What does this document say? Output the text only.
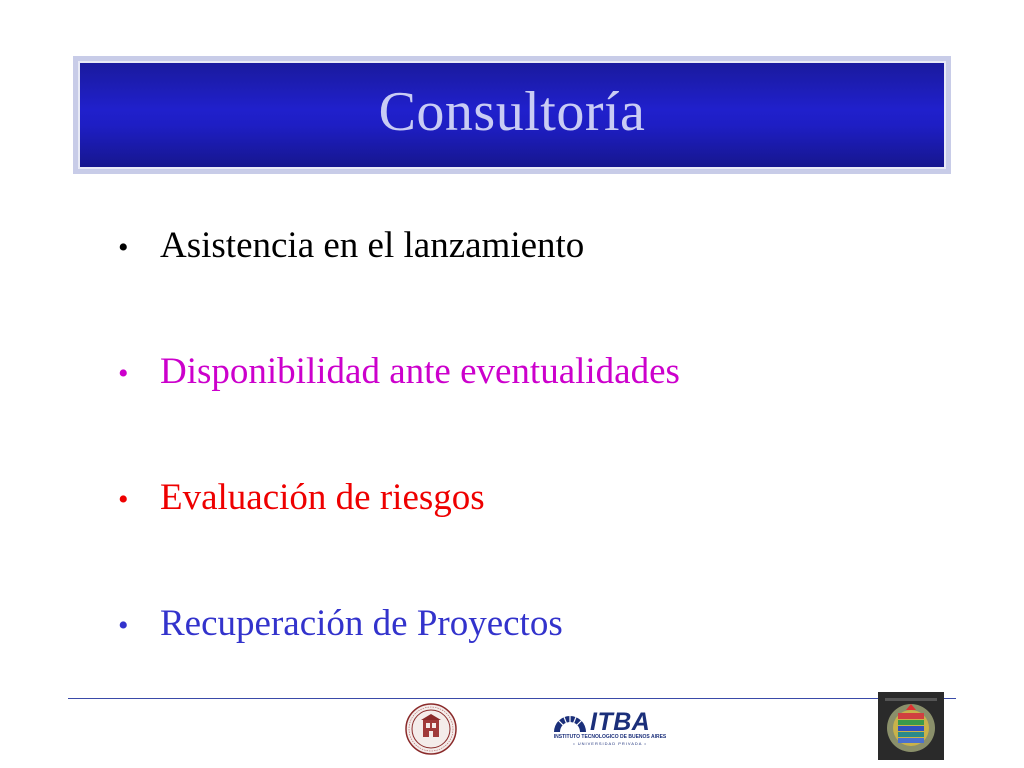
Consultoría
• Asistencia en el lanzamiento
• Disponibilidad ante eventualidades
• Evaluación de riesgos
• Recuperación de Proyectos
ITBA
INSTITUTO TECNOLOGICO DE BUENOS AIRES
• UNIVERSIDAD PRIVADA •
